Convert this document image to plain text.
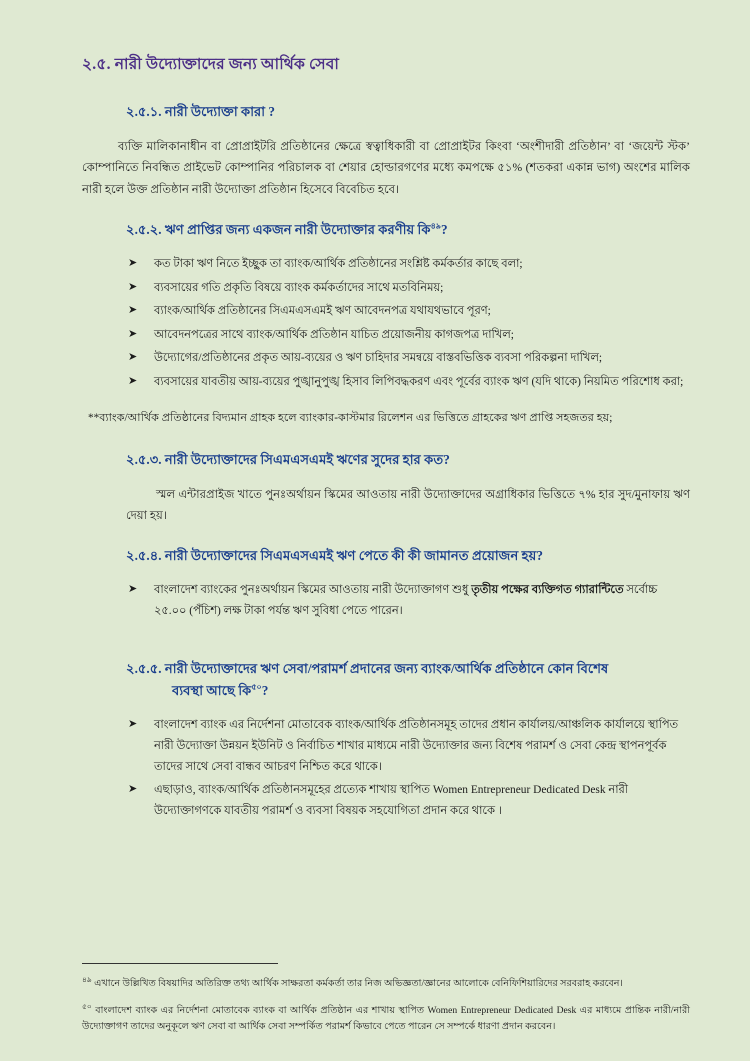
২.৫. নারী উদ্যোক্তাদের জন্য আর্থিক সেবা
২.৫.১. নারী উদ্যোক্তা কারা ?

ব্যক্তি মালিকানাধীন বা প্রোপ্রাইটরি প্রতিষ্ঠানের ক্ষেত্রে স্বত্বাধিকারী বা প্রোপ্রাইটর কিংবা ‘অংশীদারী প্রতিষ্ঠান’ বা ‘জয়েন্ট স্টক’ কোম্পানিতে নিবন্ধিত প্রাইভেট কোম্পানির পরিচালক বা শেয়ার হোল্ডারগণের মধ্যে কমপক্ষে ৫১% (শতকরা একান্ন ভাগ) অংশের মালিক নারী হলে উক্ত প্রতিষ্ঠান নারী উদ্যোক্তা প্রতিষ্ঠান হিসেবে বিবেচিত হবে।

২.৫.২. ঋণ প্রাপ্তির জন্য একজন নারী উদ্যোক্তার করণীয় কি$^{৪৯}$?
➤ কত টাকা ঋণ নিতে ইচ্ছুক তা ব্যাংক/আর্থিক প্রতিষ্ঠানের সংশ্লিষ্ট কর্মকর্তার কাছে বলা;
➤ ব্যবসায়ের গতি প্রকৃতি বিষয়ে ব্যাংক কর্মকর্তাদের সাথে মতবিনিময়;
➤ ব্যাংক/আর্থিক প্রতিষ্ঠানের সিএমএসএমই ঋণ আবেদনপত্র যথাযথভাবে পূরণ;
➤ আবেদনপত্রের সাথে ব্যাংক/আর্থিক প্রতিষ্ঠান যাচিত প্রয়োজনীয় কাগজপত্র দাখিল;
➤ উদ্যোগের/প্রতিষ্ঠানের প্রকৃত আয়-ব্যয়ের ও ঋণ চাহিদার সমন্বয়ে বাস্তবভিত্তিক ব্যবসা পরিকল্পনা দাখিল;
➤ ব্যবসায়ের যাবতীয় আয়-ব্যয়ের পুঙ্খানুপুঙ্খ হিসাব লিপিবদ্ধকরণ এবং পূর্বের ব্যাংক ঋণ (যদি থাকে) নিয়মিত পরিশোধ করা;

**ব্যাংক/আর্থিক প্রতিষ্ঠানের বিদ্যমান গ্রাহক হলে ব্যাংকার-কাস্টমার রিলেশন এর ভিত্তিতে গ্রাহকের ঋণ প্রাপ্তি সহজতর হয়;

২.৫.৩. নারী উদ্যোক্তাদের সিএমএসএমই ঋণের সুদের হার কত?

স্মল এন্টারপ্রাইজ খাতে পুনঃঅর্থায়ন স্কিমের আওতায় নারী উদ্যোক্তাদের অগ্রাধিকার ভিত্তিতে ৭% হার সুদ/মুনাফায় ঋণ দেয়া হয়।

২.৫.৪. নারী উদ্যোক্তাদের সিএমএসএমই ঋণ পেতে কী কী জামানত প্রয়োজন হয়?
➤ বাংলাদেশ ব্যাংকের পুনঃঅর্থায়ন স্কিমের আওতায় নারী উদ্যোক্তাগণ শুধু তৃতীয় পক্ষের ব্যক্তিগত গ্যারান্টিতে সর্বোচ্চ ২৫.০০ (পঁচিশ) লক্ষ টাকা পর্যন্ত ঋণ সুবিধা পেতে পারেন।
২.৫.৫. নারী উদ্যোক্তাদের ঋণ সেবা/পরামর্শ প্রদানের জন্য ব্যাংক/আর্থিক প্রতিষ্ঠানে কোন বিশেষ
ব্যবস্থা আছে কি$^{৫০}$?
➤ বাংলাদেশ ব্যাংক এর নির্দেশনা মোতাবেক ব্যাংক/আর্থিক প্রতিষ্ঠানসমূহ তাদের প্রধান কার্যালয়/আঞ্চলিক কার্যালয়ে স্থাপিত নারী উদ্যোক্তা উন্নয়ন ইউনিট ও নির্বাচিত শাখার মাধ্যমে নারী উদ্যোক্তার জন্য বিশেষ পরামর্শ ও সেবা কেন্দ্র স্থাপনপূর্বক তাদের সাথে সেবা বান্ধব আচরণ নিশ্চিত করে থাকে।
➤ এছাড়াও, ব্যাংক/আর্থিক প্রতিষ্ঠানসমূহের প্রত্যেক শাখায় স্থাপিত Women Entrepreneur Dedicated Desk নারী উদ্যোক্তাগণকে যাবতীয় পরামর্শ ও ব্যবসা বিষয়ক সহযোগিতা প্রদান করে থাকে ।

$^{৪৯}$ এখানে উল্লিখিত বিষয়াদির অতিরিক্ত তথ্য আর্থিক সাক্ষরতা কর্মকর্তা তার নিজ অভিজ্ঞতা/জ্ঞানের আলোকে বেনিফিশিয়ারিদের সরবরাহ করবেন।

$^{৫০}$ বাংলাদেশ ব্যাংক এর নির্দেশনা মোতাবেক ব্যাংক বা আর্থিক প্রতিষ্ঠান এর শাখায় স্থাপিত Women Entrepreneur Dedicated Desk এর মাধ্যমে প্রান্তিক নারী/নারী উদ্যোক্তাগণ তাদের অনুকূলে ঋণ সেবা বা আর্থিক সেবা সম্পর্কিত পরামর্শ কিভাবে পেতে পারেন সে সম্পর্কে ধারণা প্রদান করবেন।
